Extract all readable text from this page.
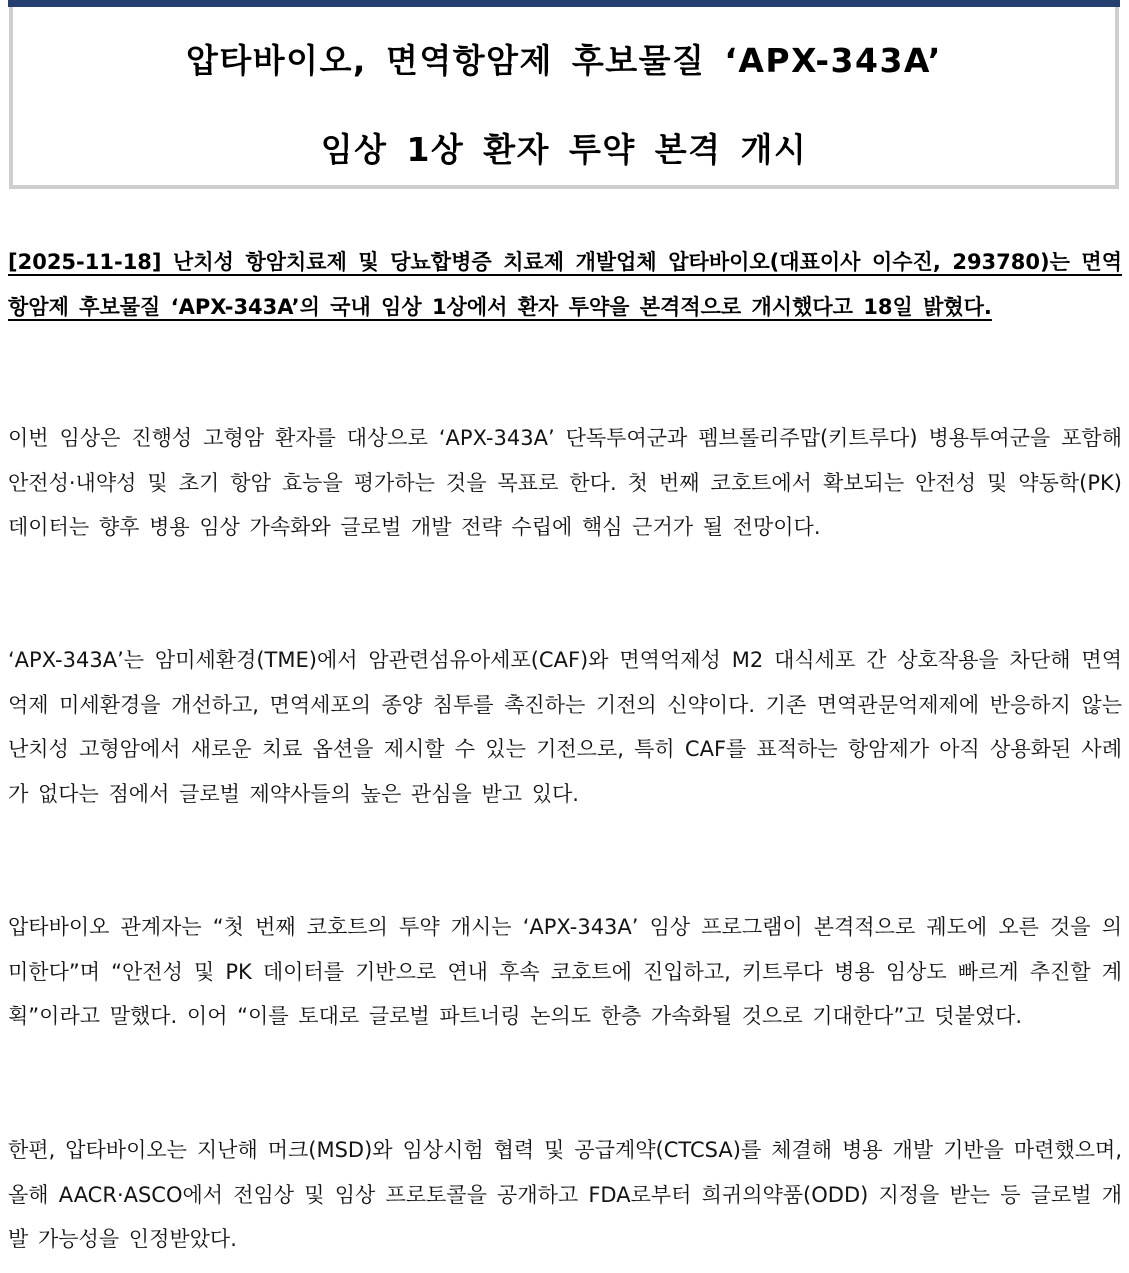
압타바이오, 면역항암제 후보물질 ‘APX-343A’
임상 1상 환자 투약 본격 개시

[2025-11-18] 난치성 항암치료제 및 당뇨합병증 치료제 개발업체 압타바이오(대표이사 이수진, 293780)는 면역항암제 후보물질 ‘APX-343A’의 국내 임상 1상에서 환자 투약을 본격적으로 개시했다고 18일 밝혔다.

이번 임상은 진행성 고형암 환자를 대상으로 ‘APX-343A’ 단독투여군과 펨브롤리주맙(키트루다) 병용투여군을 포함해 안전성·내약성 및 초기 항암 효능을 평가하는 것을 목표로 한다. 첫 번째 코호트에서 확보되는 안전성 및 약동학(PK) 데이터는 향후 병용 임상 가속화와 글로벌 개발 전략 수립에 핵심 근거가 될 전망이다.

‘APX-343A’는 암미세환경(TME)에서 암관련섬유아세포(CAF)와 면역억제성 M2 대식세포 간 상호작용을 차단해 면역억제 미세환경을 개선하고, 면역세포의 종양 침투를 촉진하는 기전의 신약이다. 기존 면역관문억제제에 반응하지 않는 난치성 고형암에서 새로운 치료 옵션을 제시할 수 있는 기전으로, 특히 CAF를 표적하는 항암제가 아직 상용화된 사례가 없다는 점에서 글로벌 제약사들의 높은 관심을 받고 있다.

압타바이오 관계자는 “첫 번째 코호트의 투약 개시는 ‘APX-343A’ 임상 프로그램이 본격적으로 궤도에 오른 것을 의미한다”며 “안전성 및 PK 데이터를 기반으로 연내 후속 코호트에 진입하고, 키트루다 병용 임상도 빠르게 추진할 계획”이라고 말했다. 이어 “이를 토대로 글로벌 파트너링 논의도 한층 가속화될 것으로 기대한다”고 덧붙였다.

한편, 압타바이오는 지난해 머크(MSD)와 임상시험 협력 및 공급계약(CTCSA)를 체결해 병용 개발 기반을 마련했으며, 올해 AACR·ASCO에서 전임상 및 임상 프로토콜을 공개하고 FDA로부터 희귀의약품(ODD) 지정을 받는 등 글로벌 개발 가능성을 인정받았다.
